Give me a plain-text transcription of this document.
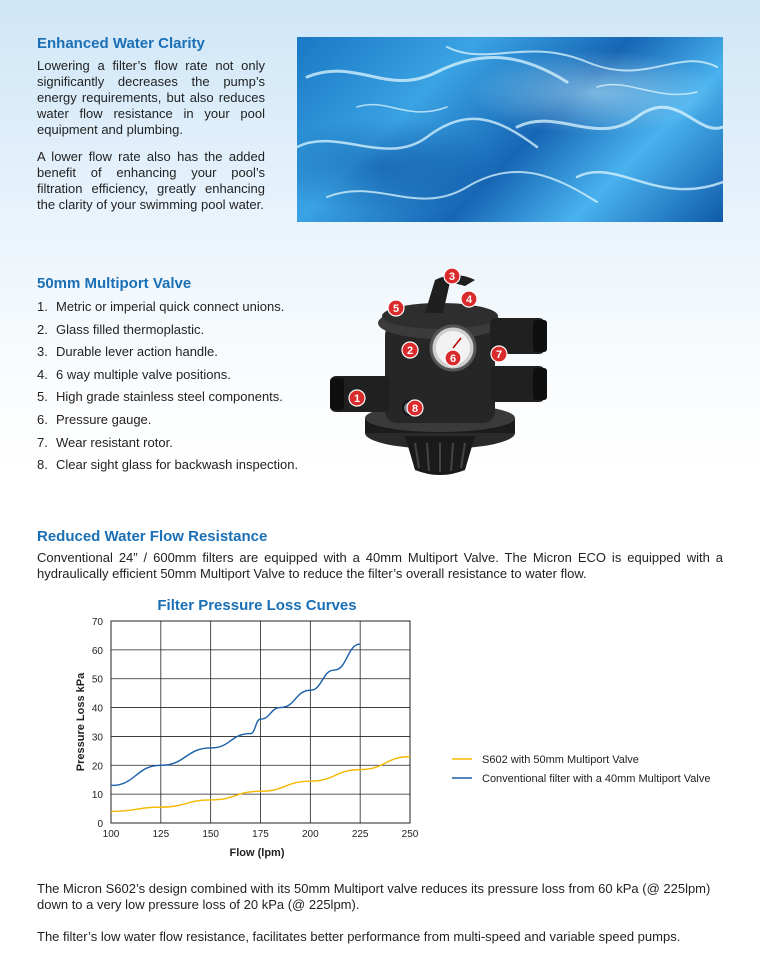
Enhanced Water Clarity

Lowering a filter’s flow rate not only significantly decreases the pump’s energy requirements, but also reduces water flow resistance in your pool equipment and plumbing.

A lower flow rate also has the added benefit of enhancing your pool’s filtration efficiency, greatly enhancing the clarity of your swimming pool water.

50mm Multiport Valve
1. Metric or imperial quick connect unions.
2. Glass filled thermoplastic.
3. Durable lever action handle.
4. 6 way multiple valve positions.
5. High grade stainless steel components.
6. Pressure gauge.
7. Wear resistant rotor.
8. Clear sight glass for backwash inspection.
1
2
3
4
5
6	7
8
Reduced Water Flow Resistance

Conventional 24” / 600mm filters are equipped with a 40mm Multiport Valve. The Micron ECO is equipped with a hydraulically efficient 50mm Multiport Valve to reduce the filter’s overall resistance to water flow.

Filter Pressure Loss Curves
100	125	150	175	200	225	250
0
10
20
30
40
50
60
70
Flow (lpm)
Pressure Loss kPa	S602 with 50mm Multiport Valve
Conventional filter with a 40mm Multiport Valve

The Micron S602’s design combined with its 50mm Multiport valve reduces its pressure loss from 60 kPa (@ 225lpm) down to a very low pressure loss of 20 kPa (@ 225lpm).

The filter’s low water flow resistance, facilitates better performance from multi-speed and variable speed pumps.
